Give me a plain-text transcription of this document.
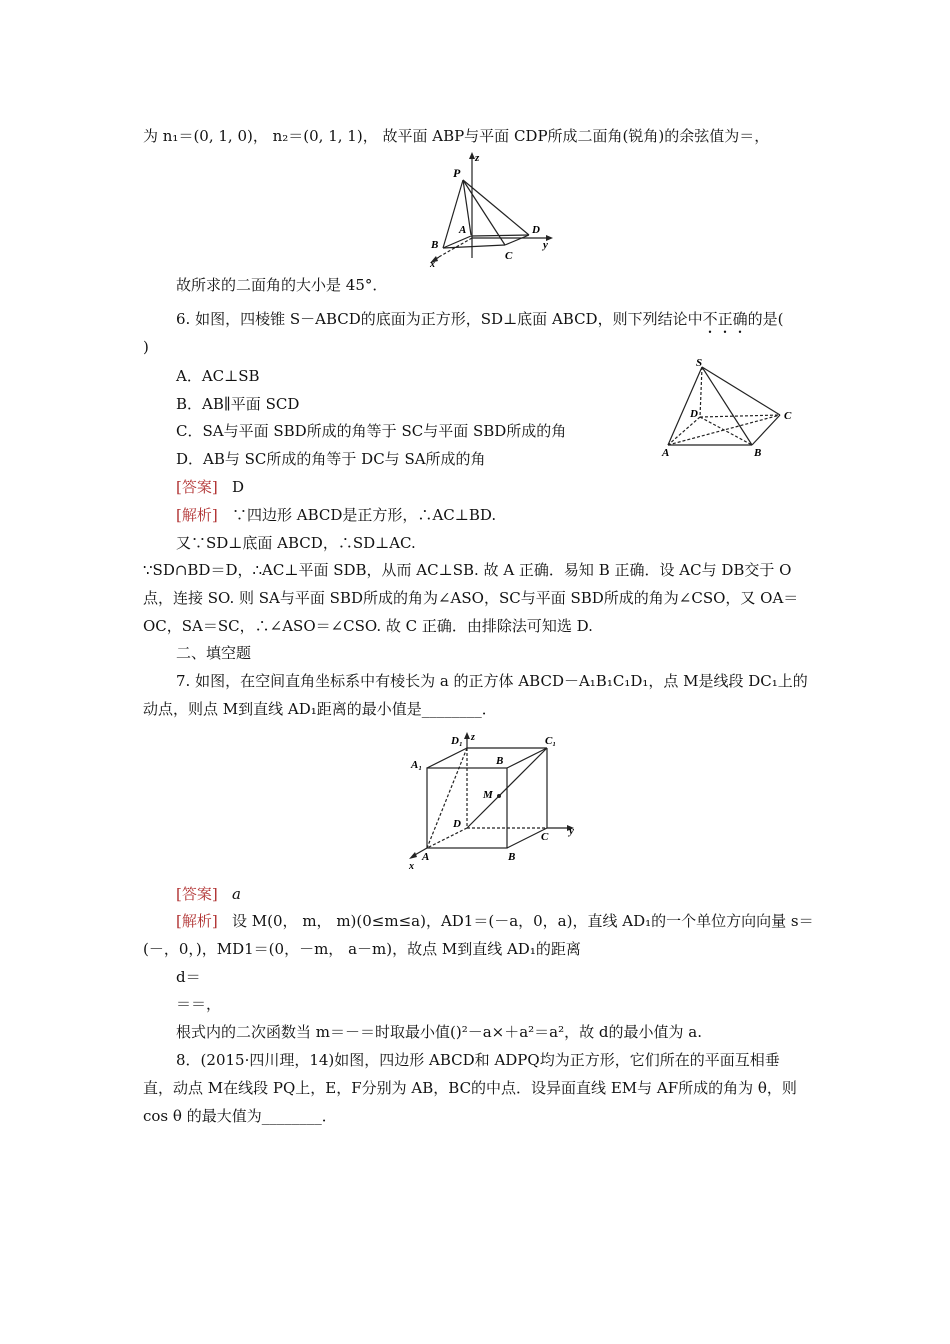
为 n₁＝(0, 1, 0)， n₂＝(0, 1, 1)， 故平面 ABP与平面 CDP所成二面角(锐角)的余弦值为＝，
z
P
A	D
y
B
C
x
故所求的二面角的大小是 45°．
6. 如图，四棱锥 S－ABCD的底面为正方形，SD⊥底面 ABCD，则下列结论中不正确的是(
)
A．AC⊥SB
B．AB∥平面 SCD
C．SA与平面 SBD所成的角等于 SC与平面 SBD所成的角
D．AB与 SC所成的角等于 DC与 SA所成的角
S
D	C
A	B
[答案] D
[解析] ∵四边形 ABCD是正方形，∴AC⊥BD.
又∵SD⊥底面 ABCD，∴SD⊥AC.
∵SD∩BD＝D，∴AC⊥平面 SDB，从而 AC⊥SB. 故 A 正确．易知 B 正确．设 AC与 DB交于 O
点，连接 SO. 则 SA与平面 SBD所成的角为∠ASO，SC与平面 SBD所成的角为∠CSO，又 OA＝
OC，SA＝SC，∴∠ASO＝∠CSO. 故 C 正确．由排除法可知选 D.
二、填空题
7. 如图，在空间直角坐标系中有棱长为 a 的正方体 ABCD－A₁B₁C₁D₁，点 M是线段 DC₁上的
动点，则点 M到直线 AD₁距离的最小值是________．
D₁ z	C₁
A₁	B
M
D
y
C
A	B
x
[答案] a
[解析] 设 M(0， m， m)(0≤m≤a)，AD1＝(－a，0，a)，直线 AD₁的一个单位方向向量 s＝
(－，0，)，MD1＝(0，－m， a－m)，故点 M到直线 AD₁的距离
d＝
＝＝，
根式内的二次函数当 m＝－＝时取最小值()²－a×＋a²＝a²，故 d的最小值为 a.
8．(2015·四川理，14)如图，四边形 ABCD和 ADPQ均为正方形，它们所在的平面互相垂
直，动点 M在线段 PQ上，E，F分别为 AB，BC的中点．设异面直线 EM与 AF所成的角为 θ，则
cos θ 的最大值为________．
